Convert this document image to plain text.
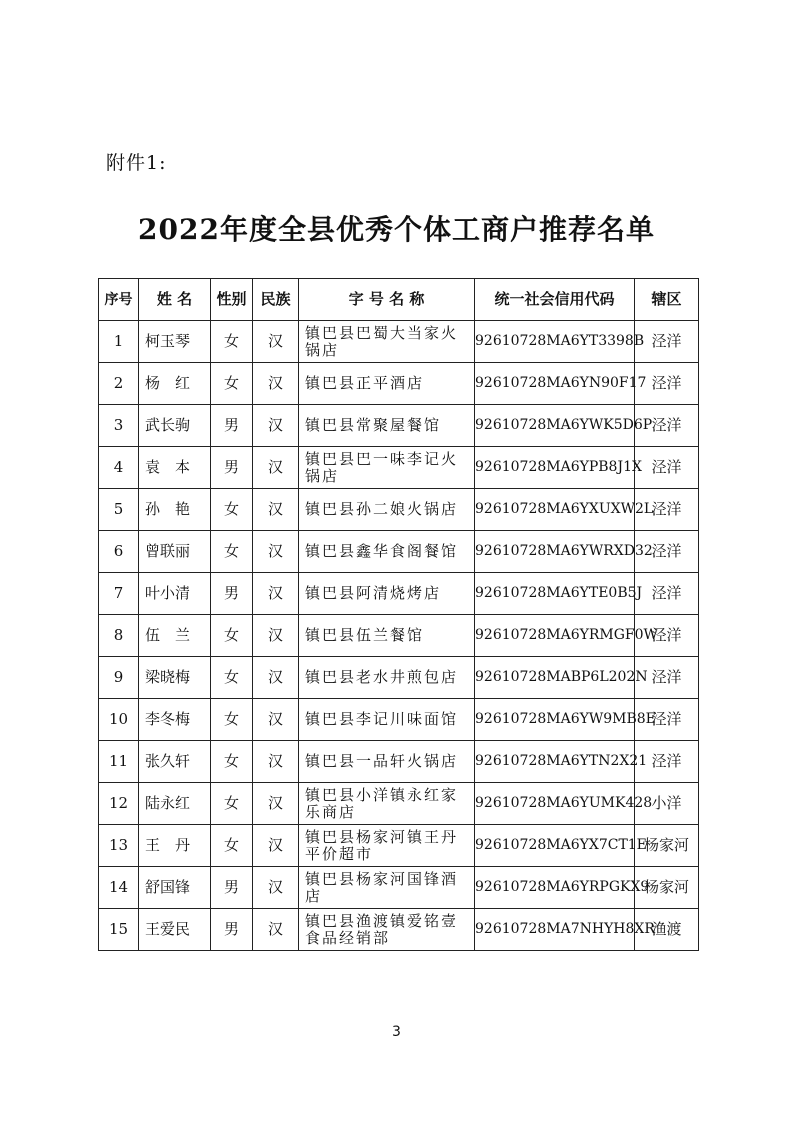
附件1:
2022年度全县优秀个体工商户推荐名单
序号	姓 名	性别	民族	字 号 名 称	统一社会信用代码	辖区
1	柯玉琴	女	汉	镇巴县巴蜀大当家火锅店	92610728MA6YT3398B	泾洋
2	杨　红	女	汉	镇巴县正平酒店	92610728MA6YN90F17	泾洋
3	武长驹	男	汉	镇巴县常聚屋餐馆	92610728MA6YWK5D6P	泾洋
4	袁　本	男	汉	镇巴县巴一味李记火锅店	92610728MA6YPB8J1X	泾洋
5	孙　艳	女	汉	镇巴县孙二娘火锅店	92610728MA6YXUXW2L	泾洋
6	曾联丽	女	汉	镇巴县鑫华食阁餐馆	92610728MA6YWRXD32	泾洋
7	叶小清	男	汉	镇巴县阿清烧烤店	92610728MA6YTE0B5J	泾洋
8	伍　兰	女	汉	镇巴县伍兰餐馆	92610728MA6YRMGF0W	泾洋
9	梁晓梅	女	汉	镇巴县老水井煎包店	92610728MABP6L202N	泾洋
10	李冬梅	女	汉	镇巴县李记川味面馆	92610728MA6YW9MB8E	泾洋
11	张久轩	女	汉	镇巴县一品轩火锅店	92610728MA6YTN2X21	泾洋
12	陆永红	女	汉	镇巴县小洋镇永红家乐商店	92610728MA6YUMK428	小洋
13	王　丹	女	汉	镇巴县杨家河镇王丹平价超市	92610728MA6YX7CT1E	杨家河
14	舒国锋	男	汉	镇巴县杨家河国锋酒店	92610728MA6YRPGKX9	杨家河
15	王爱民	男	汉	镇巴县渔渡镇爱铭壹食品经销部	92610728MA7NHYH8XR	渔渡
3
